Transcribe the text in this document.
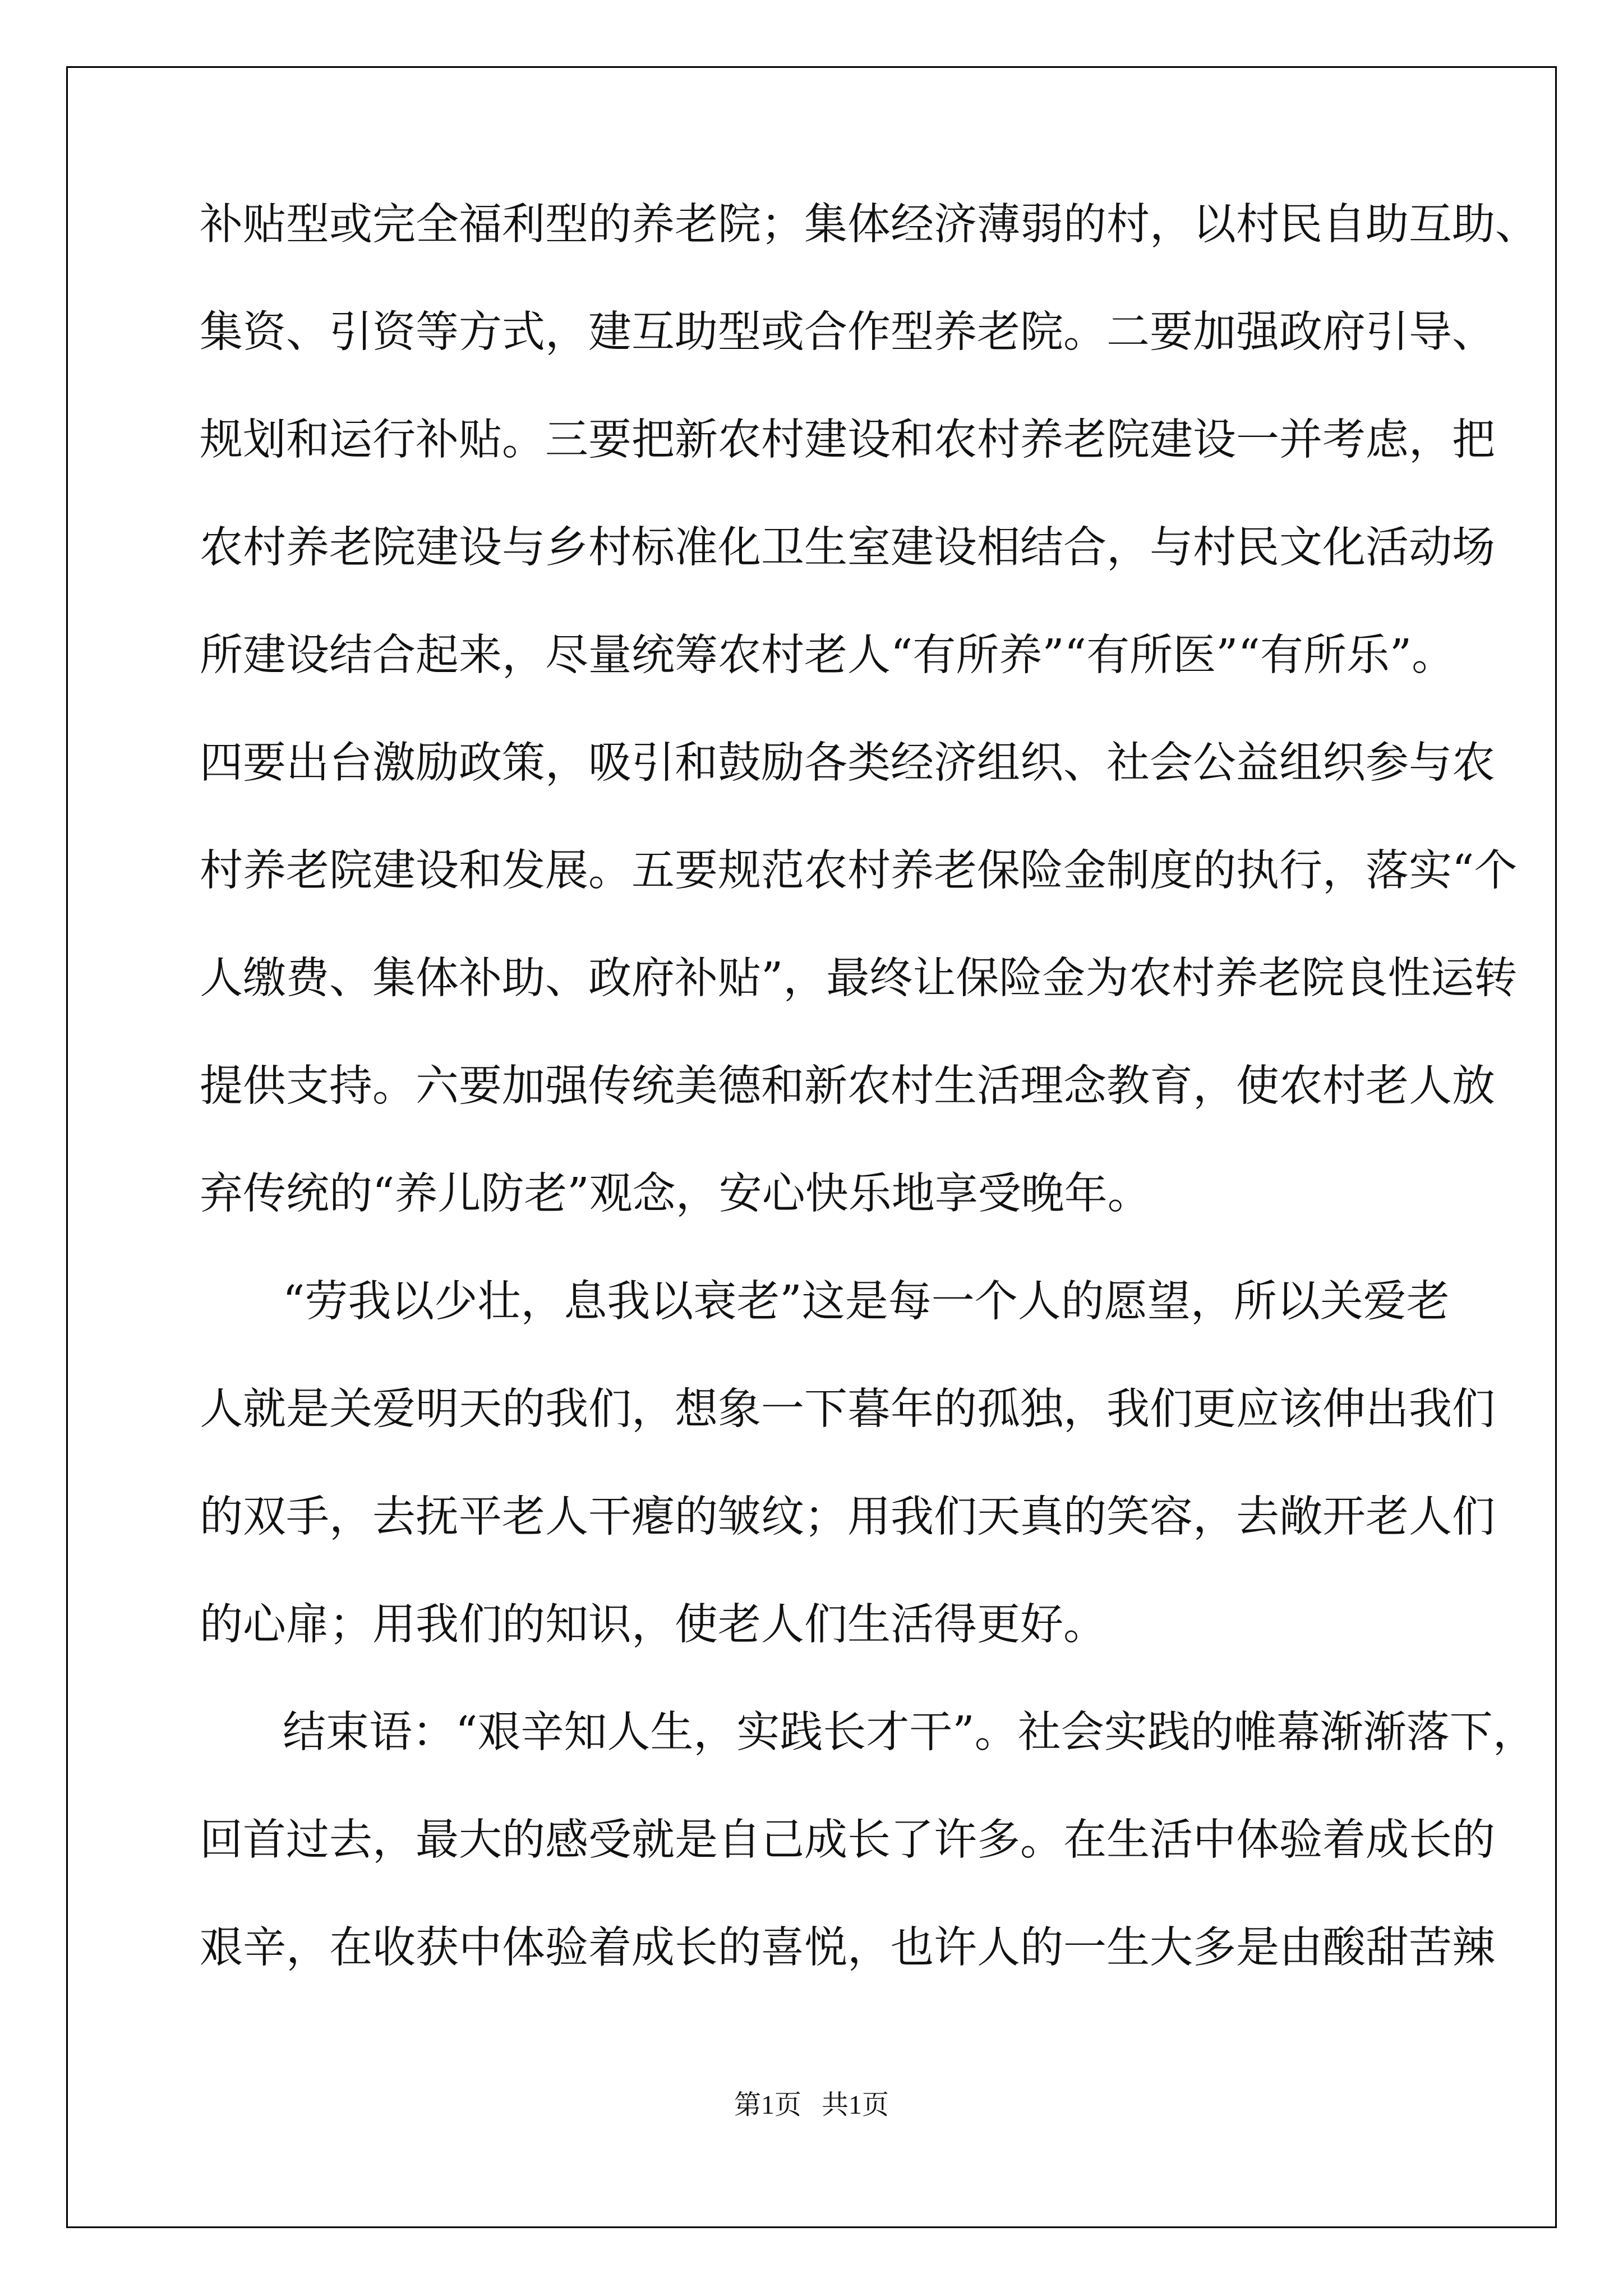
补贴型或完全福利型的养老院；集体经济薄弱的村，以村民自助互助、
集资、引资等方式，建互助型或合作型养老院。二要加强政府引导、
规划和运行补贴。三要把新农村建设和农村养老院建设一并考虑，把
农村养老院建设与乡村标准化卫生室建设相结合，与村民文化活动场
所建设结合起来，尽量统筹农村老人“有所养”“有所医”“有所乐”。
四要出台激励政策，吸引和鼓励各类经济组织、社会公益组织参与农
村养老院建设和发展。五要规范农村养老保险金制度的执行，落实“个
人缴费、集体补助、政府补贴”，最终让保险金为农村养老院良性运转
提供支持。六要加强传统美德和新农村生活理念教育，使农村老人放
弃传统的“养儿防老”观念，安心快乐地享受晚年。
“劳我以少壮，息我以衰老”这是每一个人的愿望，所以关爱老
人就是关爱明天的我们，想象一下暮年的孤独，我们更应该伸出我们
的双手，去抚平老人干瘪的皱纹；用我们天真的笑容，去敞开老人们
的心扉；用我们的知识，使老人们生活得更好。
结束语：“艰辛知人生，实践长才干”。社会实践的帷幕渐渐落下，
回首过去，最大的感受就是自己成长了许多。在生活中体验着成长的
艰辛，在收获中体验着成长的喜悦，也许人的一生大多是由酸甜苦辣
第1页   共1页
